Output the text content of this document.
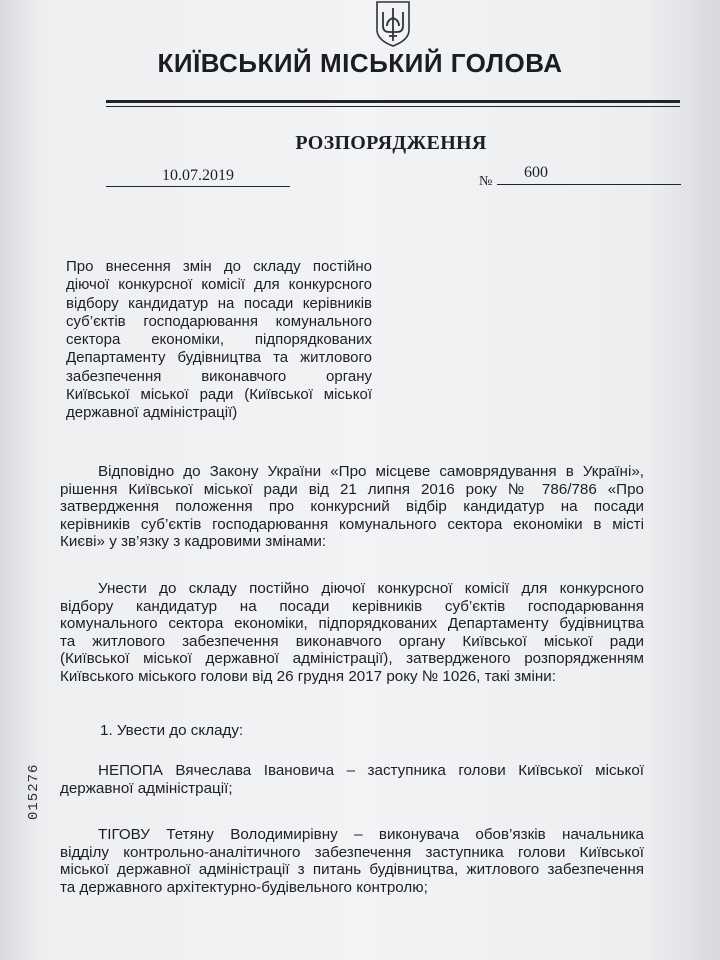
КИЇВСЬКИЙ МІСЬКИЙ ГОЛОВА
РОЗПОРЯДЖЕННЯ
10.07.2019	№
600
Про внесення змін до складу постійно
діючої конкурсної комісії для конкурсного
відбору кандидатур на посади керівників
суб’єктів господарювання комунального
сектора економіки, підпорядкованих
Департаменту будівництва та житлового
забезпечення виконавчого органу
Київської міської ради (Київської міської
державної адміністрації)
Відповідно до Закону України «Про місцеве самоврядування в Україні»,
рішення Київської міської ради від 21 липня 2016 року № 786/786 «Про
затвердження положення про конкурсний відбір кандидатур на посади
керівників суб’єктів господарювання комунального сектора економіки в місті
Києві» у зв’язку з кадровими змінами:
Унести до складу постійно діючої конкурсної комісії для конкурсного
відбору кандидатур на посади керівників суб’єктів господарювання
комунального сектора економіки, підпорядкованих Департаменту будівництва
та житлового забезпечення виконавчого органу Київської міської ради
(Київської міської державної адміністрації), затвердженого розпорядженням
Київського міського голови від 26 грудня 2017 року № 1026, такі зміни:
1. Увести до складу:
НЕПОПА Вячеслава Івановича – заступника голови Київської міської
державної адміністрації;
ТІГОВУ Тетяну Володимирівну – виконувача обов’язків начальника
відділу контрольно-аналітичного забезпечення заступника голови Київської
міської державної адміністрації з питань будівництва, житлового забезпечення
та державного архітектурно-будівельного контролю;
015276
